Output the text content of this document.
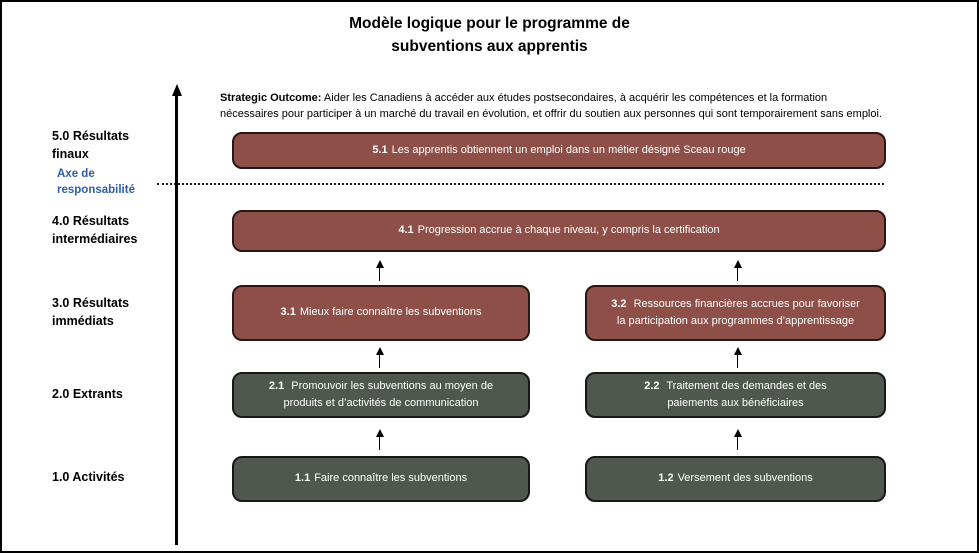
Modèle logique pour le programme de
subventions aux apprentis

Strategic Outcome: Aider les Canadiens à accéder aux études postsecondaires, à acquérir les compétences et la formation nécessaires pour participer à un marché du travail en évolution, et offrir du soutien aux personnes qui sont temporairement sans emploi.

5.0 Résultats finaux
Axe de responsabilité
4.0 Résultats intermédiaires
3.0 Résultats immédiats
2.0 Extrants
1.0 Activités
5.1 Les apprentis obtiennent un emploi dans un métier désigné Sceau rouge
4.1 Progression accrue à chaque niveau, y compris la certification
3.1 Mieux faire connaître les subventions
3.2 Ressources financières accrues pour favoriser la participation aux programmes d’apprentissage
2.1 Promouvoir les subventions au moyen de produits et d’activités de communication
2.2 Traitement des demandes et des paiements aux bénéficiaires
1.1 Faire connaître les subventions	1.2 Versement des subventions
